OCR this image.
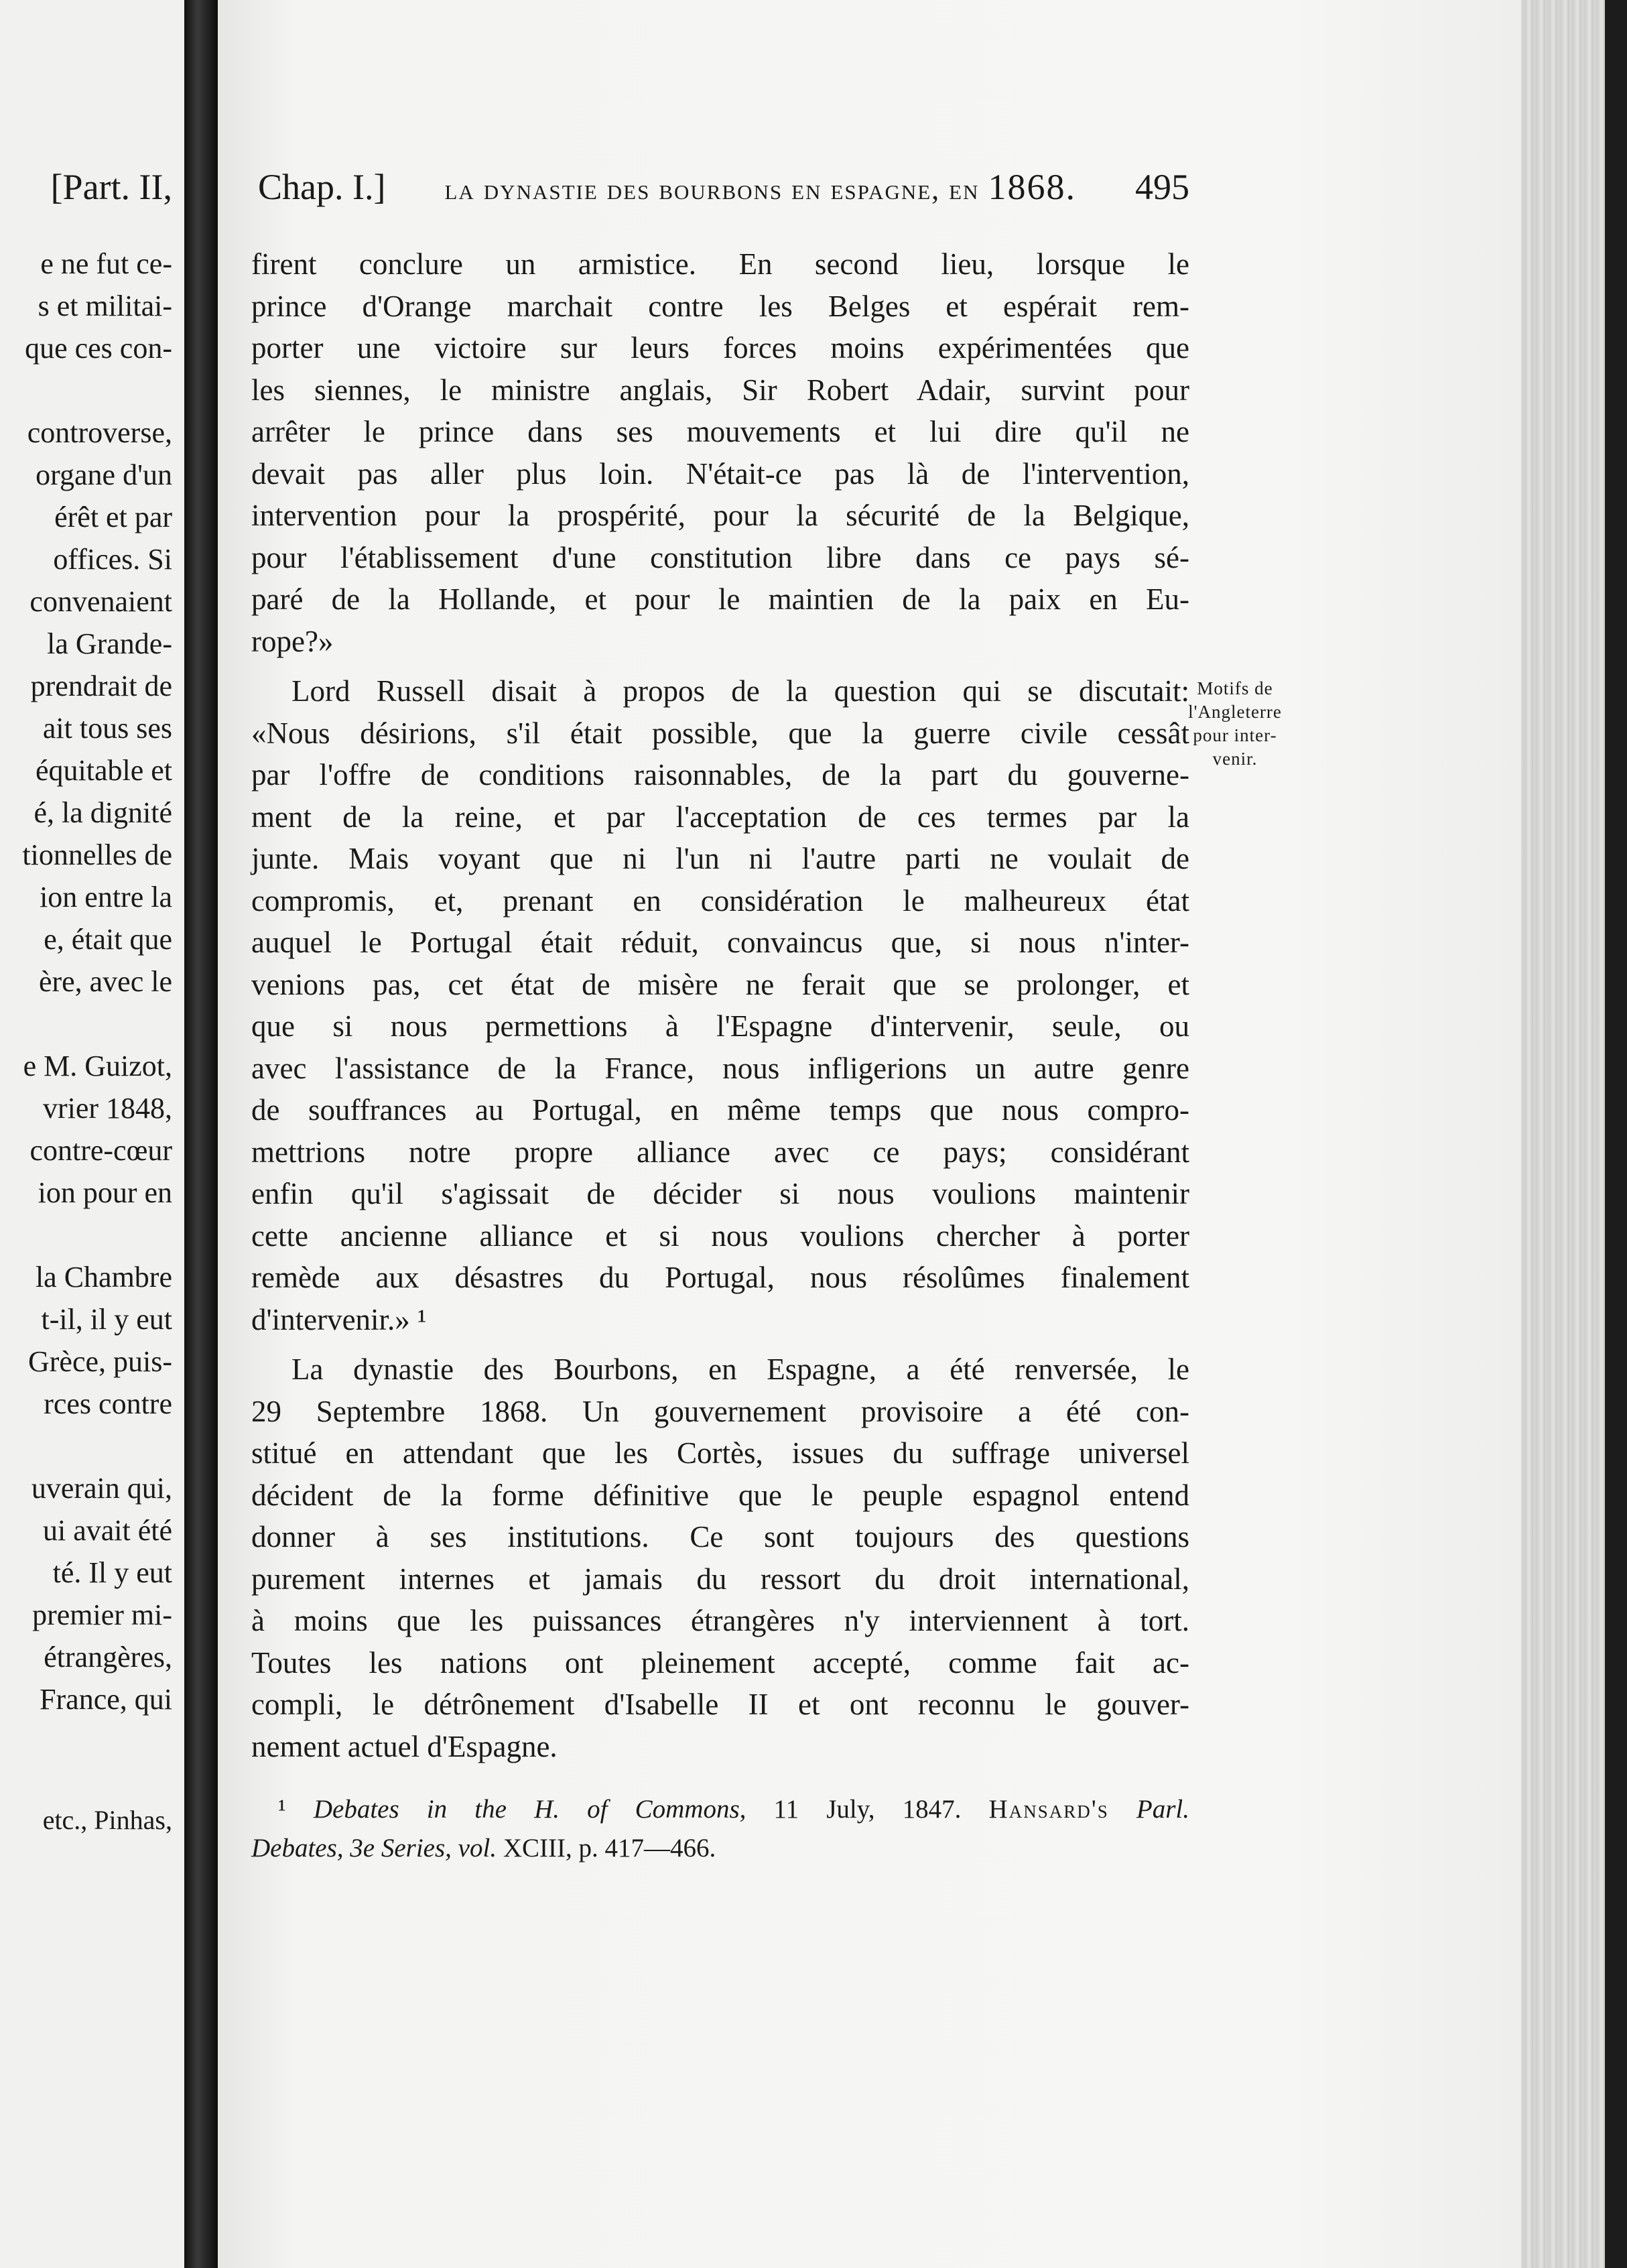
[Part. II,
e ne fut ce-
s et militai-
que ces con-
controverse,
organe d'un
érêt et par
offices. Si
convenaient
la Grande-
prendrait de
ait tous ses
équitable et
é, la dignité
tionnelles de
ion entre la
e, était que
ère, avec le
e M. Guizot,
vrier 1848,
contre-cœur
ion pour en
la Chambre
t-il, il y eut
Grèce, puis-
rces contre
uverain qui,
ui avait été
té. Il y eut
premier mi-
étrangères,
France, qui
etc., Pinhas,
Chap. I.] la dynastie des bourbons en espagne, en 1868. 495
firent conclure un armistice. En second lieu, lorsque le
prince d'Orange marchait contre les Belges et espérait rem-
porter une victoire sur leurs forces moins expérimentées que
les siennes, le ministre anglais, Sir Robert Adair, survint pour
arrêter le prince dans ses mouvements et lui dire qu'il ne
devait pas aller plus loin. N'était-ce pas là de l'intervention,
intervention pour la prospérité, pour la sécurité de la Belgique,
pour l'établissement d'une constitution libre dans ce pays sé-
paré de la Hollande, et pour le maintien de la paix en Eu-
rope?»
Lord Russell disait à propos de la question qui se discutait:
«Nous désirions, s'il était possible, que la guerre civile cessât
par l'offre de conditions raisonnables, de la part du gouverne-
ment de la reine, et par l'acceptation de ces termes par la
junte. Mais voyant que ni l'un ni l'autre parti ne voulait de
compromis, et, prenant en considération le malheureux état
auquel le Portugal était réduit, convaincus que, si nous n'inter-
venions pas, cet état de misère ne ferait que se prolonger, et
que si nous permettions à l'Espagne d'intervenir, seule, ou
avec l'assistance de la France, nous infligerions un autre genre
de souffrances au Portugal, en même temps que nous compro-
mettrions notre propre alliance avec ce pays; considérant
enfin qu'il s'agissait de décider si nous voulions maintenir
cette ancienne alliance et si nous voulions chercher à porter
remède aux désastres du Portugal, nous résolûmes finalement
d'intervenir.» ¹
La dynastie des Bourbons, en Espagne, a été renversée, le
29 Septembre 1868. Un gouvernement provisoire a été con-
stitué en attendant que les Cortès, issues du suffrage universel
décident de la forme définitive que le peuple espagnol entend
donner à ses institutions. Ce sont toujours des questions
purement internes et jamais du ressort du droit international,
à moins que les puissances étrangères n'y interviennent à tort.
Toutes les nations ont pleinement accepté, comme fait ac-
compli, le détrônement d'Isabelle II et ont reconnu le gouver-
nement actuel d'Espagne.
Motifs de
l'Angleterre
pour inter-
venir.
¹ Debates in the H. of Commons, 11 July, 1847. Hansard's Parl.
Debates, 3e Series, vol. XCIII, p. 417—466.
